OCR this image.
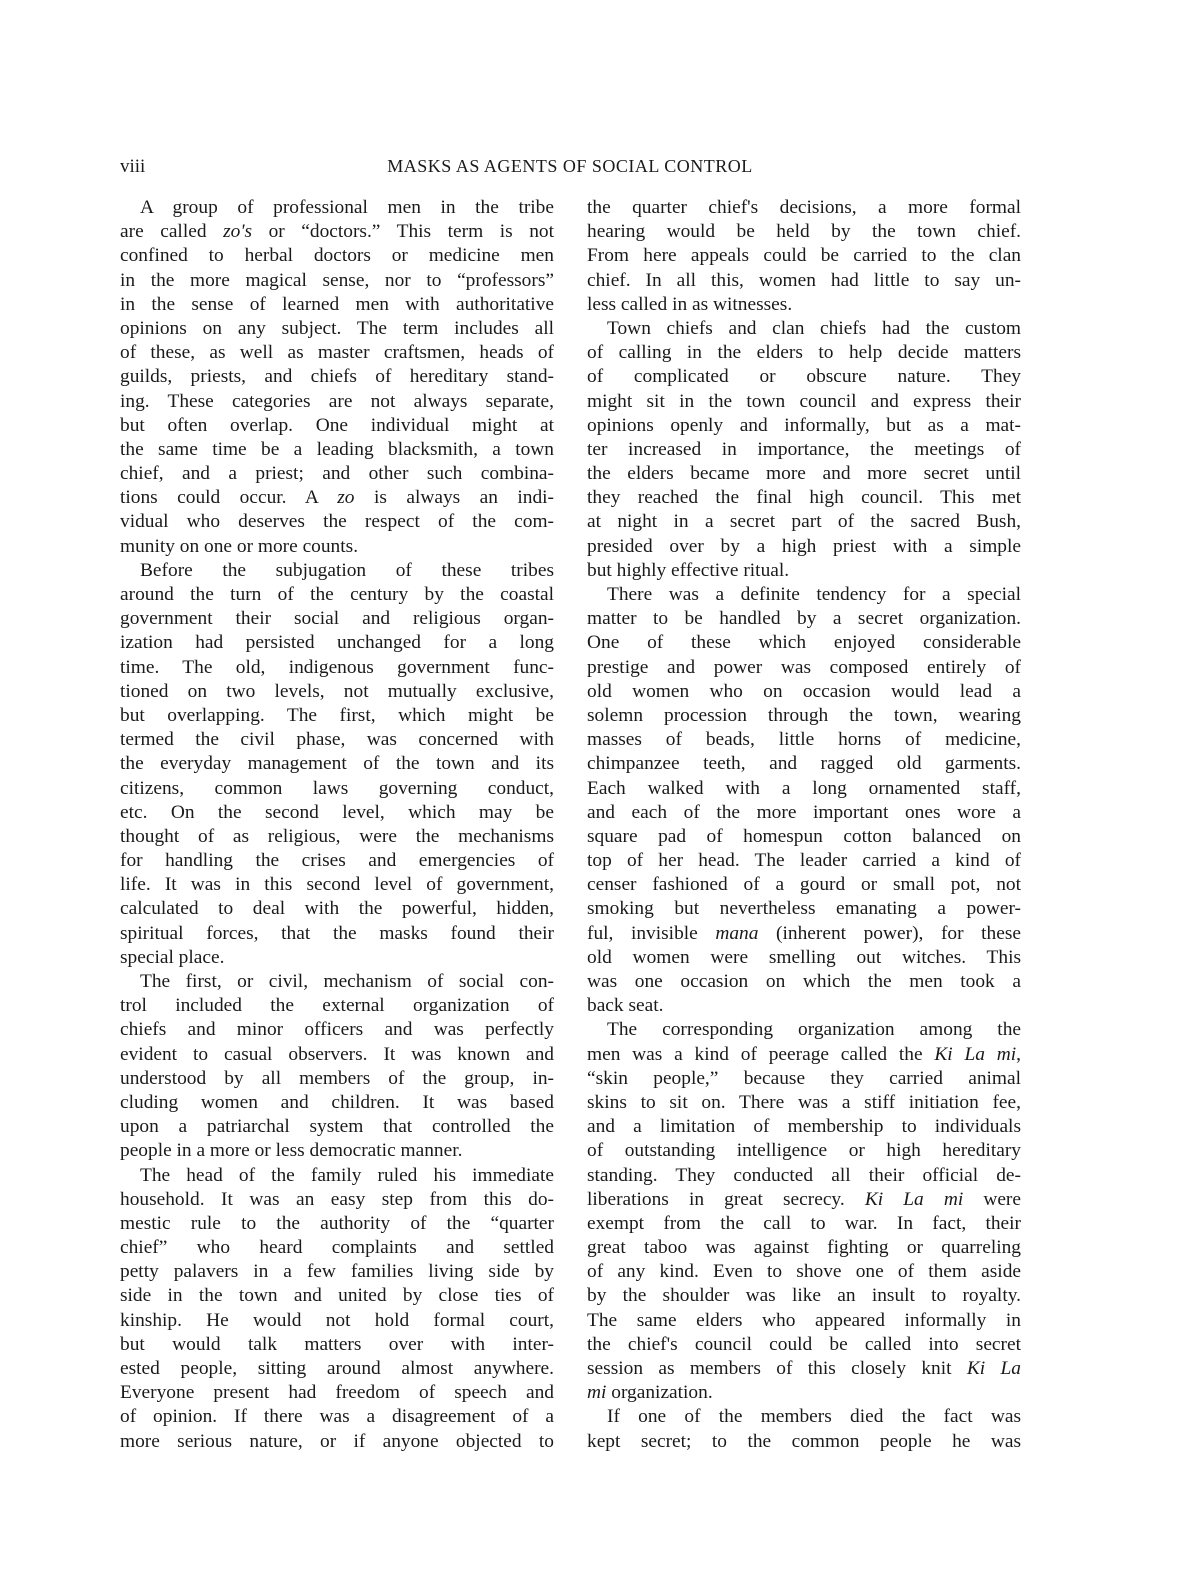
viii	MASKS AS AGENTS OF SOCIAL CONTROL
A group of professional men in the tribe
are called zo's or “doctors.” This term is not
confined to herbal doctors or medicine men
in the more magical sense, nor to “professors”
in the sense of learned men with authoritative
opinions on any subject. The term includes all
of these, as well as master craftsmen, heads of
guilds, priests, and chiefs of hereditary stand-
ing. These categories are not always separate,
but often overlap. One individual might at
the same time be a leading blacksmith, a town
chief, and a priest; and other such combina-
tions could occur. A zo is always an indi-
vidual who deserves the respect of the com-
munity on one or more counts.
Before the subjugation of these tribes
around the turn of the century by the coastal
government their social and religious organ-
ization had persisted unchanged for a long
time. The old, indigenous government func-
tioned on two levels, not mutually exclusive,
but overlapping. The first, which might be
termed the civil phase, was concerned with
the everyday management of the town and its
citizens, common laws governing conduct,
etc. On the second level, which may be
thought of as religious, were the mechanisms
for handling the crises and emergencies of
life. It was in this second level of government,
calculated to deal with the powerful, hidden,
spiritual forces, that the masks found their
special place.
The first, or civil, mechanism of social con-
trol included the external organization of
chiefs and minor officers and was perfectly
evident to casual observers. It was known and
understood by all members of the group, in-
cluding women and children. It was based
upon a patriarchal system that controlled the
people in a more or less democratic manner.
The head of the family ruled his immediate
household. It was an easy step from this do-
mestic rule to the authority of the “quarter
chief” who heard complaints and settled
petty palavers in a few families living side by
side in the town and united by close ties of
kinship. He would not hold formal court,
but would talk matters over with inter-
ested people, sitting around almost anywhere.
Everyone present had freedom of speech and
of opinion. If there was a disagreement of a
more serious nature, or if anyone objected to
the quarter chief's decisions, a more formal
hearing would be held by the town chief.
From here appeals could be carried to the clan
chief. In all this, women had little to say un-
less called in as witnesses.
Town chiefs and clan chiefs had the custom
of calling in the elders to help decide matters
of complicated or obscure nature. They
might sit in the town council and express their
opinions openly and informally, but as a mat-
ter increased in importance, the meetings of
the elders became more and more secret until
they reached the final high council. This met
at night in a secret part of the sacred Bush,
presided over by a high priest with a simple
but highly effective ritual.
There was a definite tendency for a special
matter to be handled by a secret organization.
One of these which enjoyed considerable
prestige and power was composed entirely of
old women who on occasion would lead a
solemn procession through the town, wearing
masses of beads, little horns of medicine,
chimpanzee teeth, and ragged old garments.
Each walked with a long ornamented staff,
and each of the more important ones wore a
square pad of homespun cotton balanced on
top of her head. The leader carried a kind of
censer fashioned of a gourd or small pot, not
smoking but nevertheless emanating a power-
ful, invisible mana (inherent power), for these
old women were smelling out witches. This
was one occasion on which the men took a
back seat.
The corresponding organization among the
men was a kind of peerage called the Ki La mi,
“skin people,” because they carried animal
skins to sit on. There was a stiff initiation fee,
and a limitation of membership to individuals
of outstanding intelligence or high hereditary
standing. They conducted all their official de-
liberations in great secrecy. Ki La mi were
exempt from the call to war. In fact, their
great taboo was against fighting or quarreling
of any kind. Even to shove one of them aside
by the shoulder was like an insult to royalty.
The same elders who appeared informally in
the chief's council could be called into secret
session as members of this closely knit Ki La
mi organization.
If one of the members died the fact was
kept secret; to the common people he was
